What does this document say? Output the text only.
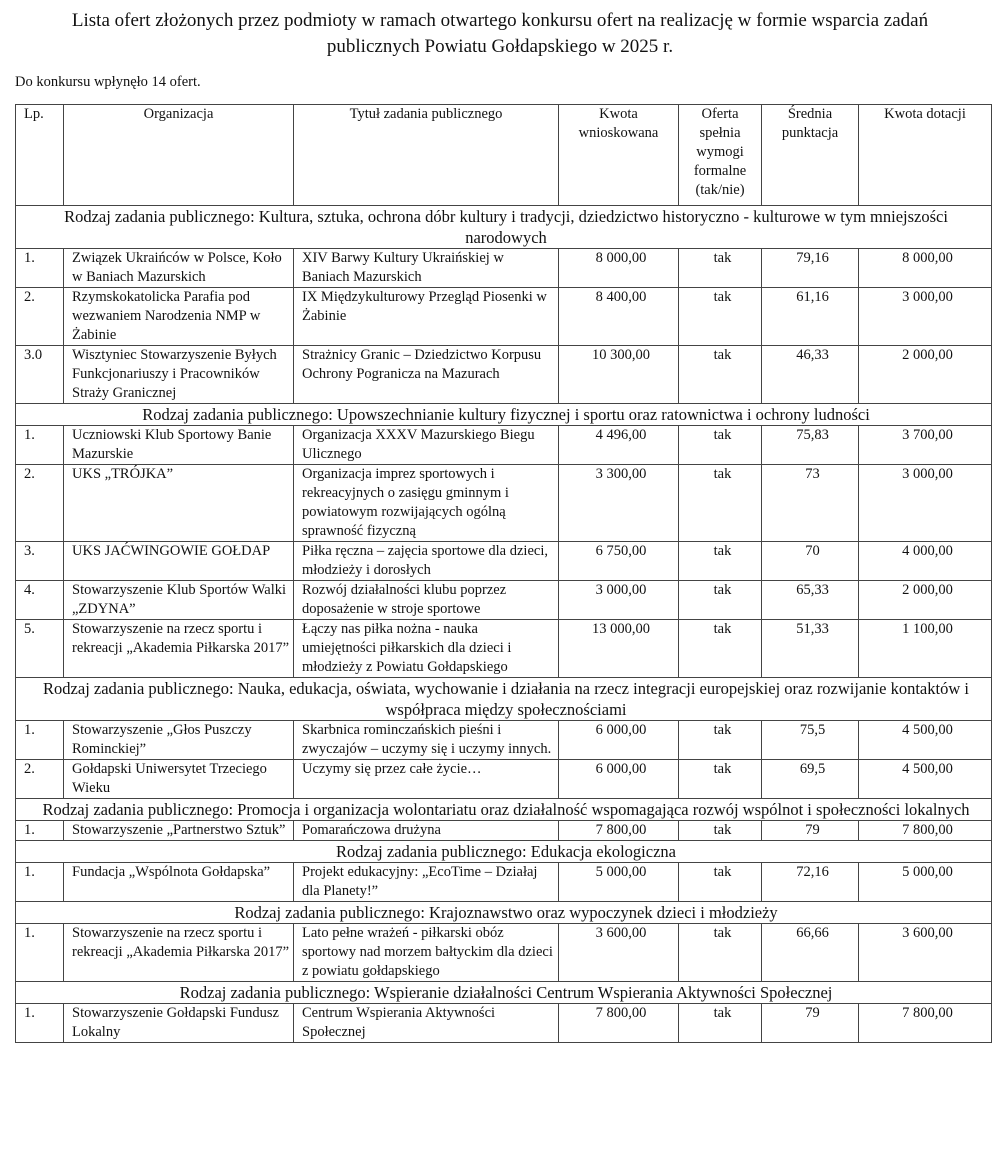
Lista ofert złożonych przez podmioty w ramach otwartego konkursu ofert na realizację w formie wsparcia zadań
publicznych Powiatu Gołdapskiego w 2025 r.
Do konkursu wpłynęło 14 ofert.
Lp.	Organizacja	Tytuł zadania publicznego	Kwota wnioskowana	Oferta spełnia wymogi formalne (tak/nie)	Średnia punktacja	Kwota dotacji
Rodzaj zadania publicznego: Kultura, sztuka, ochrona dóbr kultury i tradycji, dziedzictwo historyczno - kulturowe w tym mniejszości narodowych						
1.	Związek Ukraińców w Polsce, Koło w Baniach Mazurskich	XIV Barwy Kultury Ukraińskiej w Baniach Mazurskich	8 000,00	tak	79,16	8 000,00
2.	Rzymskokatolicka Parafia pod wezwaniem Narodzenia NMP w Żabinie	IX Międzykulturowy Przegląd Piosenki w Żabinie	8 400,00	tak	61,16	3 000,00
3.0	Wisztyniec Stowarzyszenie Byłych Funkcjonariuszy i Pracowników Straży Granicznej	Strażnicy Granic – Dziedzictwo Korpusu Ochrony Pogranicza na Mazurach	10 300,00	tak	46,33	2 000,00
Rodzaj zadania publicznego: Upowszechnianie kultury fizycznej i sportu oraz ratownictwa i ochrony ludności						
1.	Uczniowski Klub Sportowy Banie Mazurskie	Organizacja XXXV Mazurskiego Biegu Ulicznego	4 496,00	tak	75,83	3 700,00
2.	UKS „TRÓJKA”	Organizacja imprez sportowych i rekreacyjnych o zasięgu gminnym i powiatowym rozwijających ogólną sprawność fizyczną	3 300,00	tak	73	3 000,00
3.	UKS JAĆWINGOWIE GOŁDAP	Piłka ręczna – zajęcia sportowe dla dzieci, młodzieży i dorosłych	6 750,00	tak	70	4 000,00
4.	Stowarzyszenie Klub Sportów Walki „ZDYNA”	Rozwój działalności klubu poprzez doposażenie w stroje sportowe	3 000,00	tak	65,33	2 000,00
5.	Stowarzyszenie na rzecz sportu i rekreacji „Akademia Piłkarska 2017”	Łączy nas piłka nożna - nauka umiejętności piłkarskich dla dzieci i młodzieży z Powiatu Gołdapskiego	13 000,00	tak	51,33	1 100,00
Rodzaj zadania publicznego: Nauka, edukacja, oświata, wychowanie i działania na rzecz integracji europejskiej oraz rozwijanie kontaktów i współpraca między społecznościami						
1.	Stowarzyszenie „Głos Puszczy Rominckiej”	Skarbnica rominczańskich pieśni i zwyczajów – uczymy się i uczymy innych.	6 000,00	tak	75,5	4 500,00
2.	Gołdapski Uniwersytet Trzeciego Wieku	Uczymy się przez całe życie…	6 000,00	tak	69,5	4 500,00
Rodzaj zadania publicznego: Promocja i organizacja wolontariatu oraz działalność wspomagająca rozwój wspólnot i społeczności lokalnych						
1.	Stowarzyszenie „Partnerstwo Sztuk”	Pomarańczowa drużyna	7 800,00	tak	79	7 800,00
Rodzaj zadania publicznego: Edukacja ekologiczna						
1.	Fundacja „Wspólnota Gołdapska”	Projekt edukacyjny: „EcoTime – Działaj dla Planety!”	5 000,00	tak	72,16	5 000,00
Rodzaj zadania publicznego: Krajoznawstwo oraz wypoczynek dzieci i młodzieży						
1.	Stowarzyszenie na rzecz sportu i rekreacji „Akademia Piłkarska 2017”	Lato pełne wrażeń - piłkarski obóz sportowy nad morzem bałtyckim dla dzieci z powiatu gołdapskiego	3 600,00	tak	66,66	3 600,00
Rodzaj zadania publicznego: Wspieranie działalności Centrum Wspierania Aktywności Społecznej						
1.	Stowarzyszenie Gołdapski Fundusz Lokalny	Centrum Wspierania Aktywności Społecznej	7 800,00	tak	79	7 800,00
